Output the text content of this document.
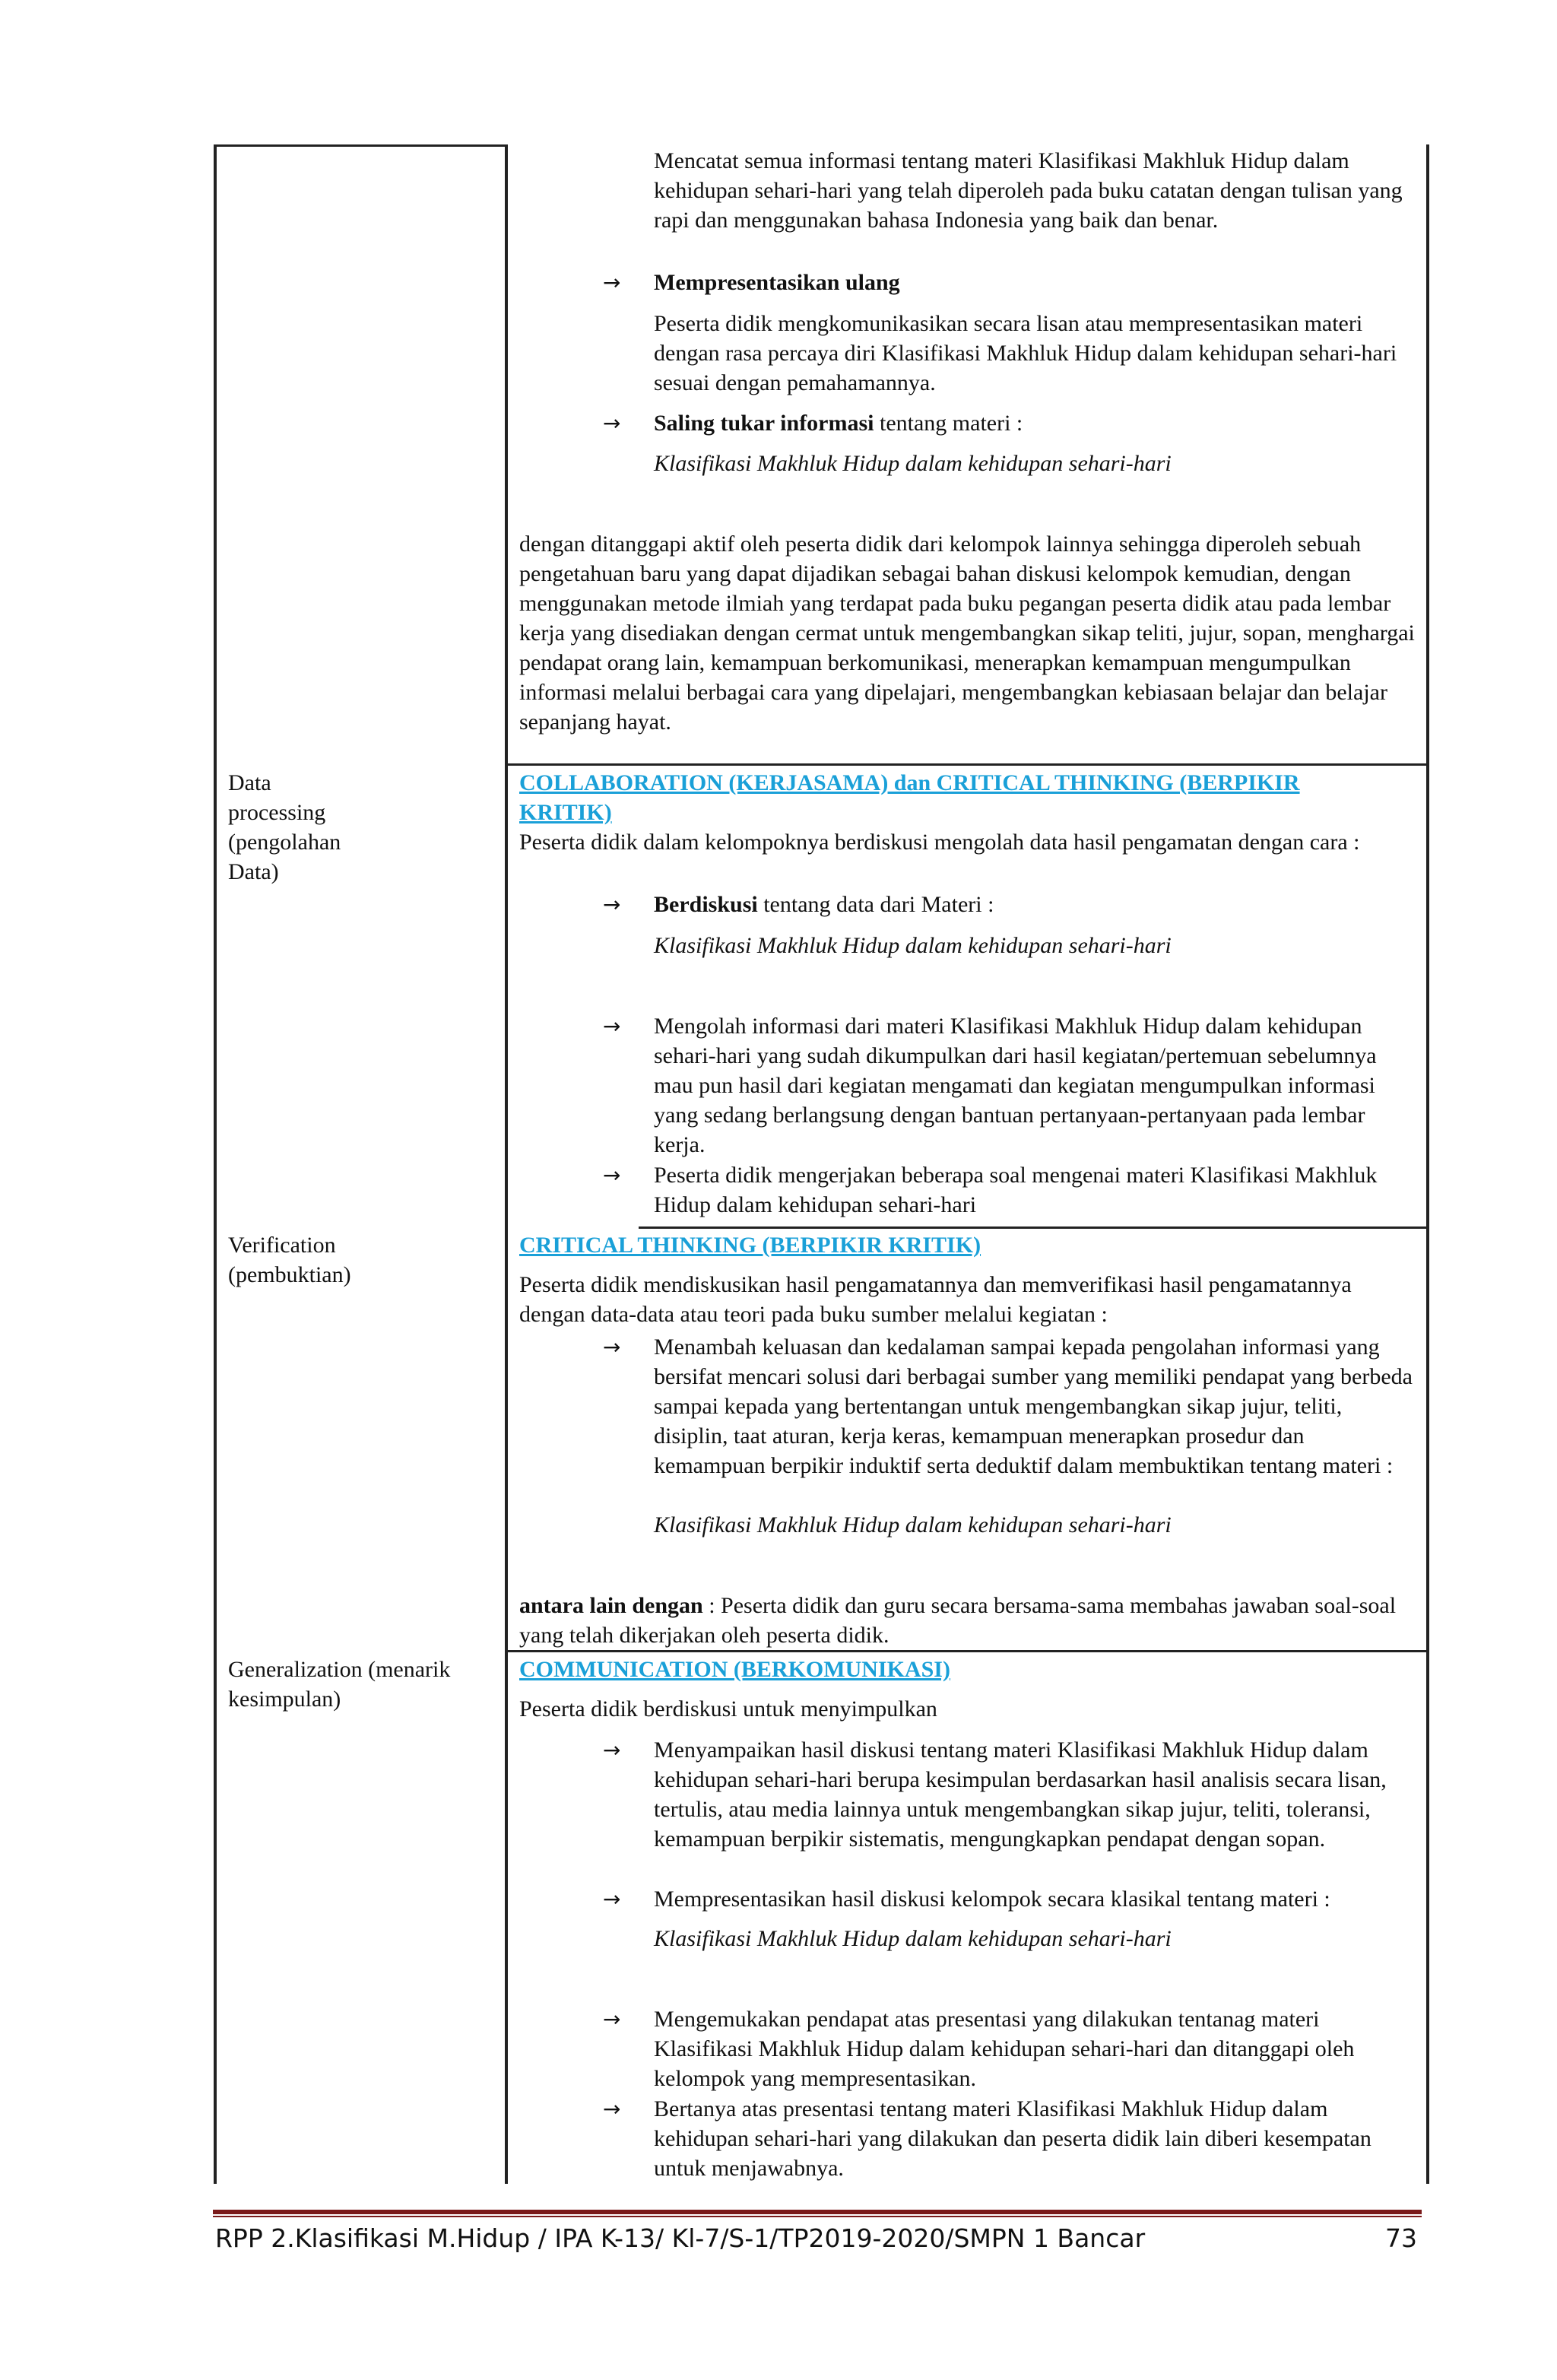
Mencatat semua informasi tentang materi Klasifikasi Makhluk Hidup dalam kehidupan sehari-hari yang telah diperoleh pada buku catatan dengan tulisan yang rapi dan menggunakan bahasa Indonesia yang baik dan benar.
→ Mempresentasikan ulang
Peserta didik mengkomunikasikan secara lisan atau mempresentasikan materi dengan rasa percaya diri Klasifikasi Makhluk Hidup dalam kehidupan sehari-hari sesuai dengan pemahamannya.
→ Saling tukar informasi tentang materi :
Klasifikasi Makhluk Hidup dalam kehidupan sehari-hari
dengan ditanggapi aktif oleh peserta didik dari kelompok lainnya sehingga diperoleh sebuah pengetahuan baru yang dapat dijadikan sebagai bahan diskusi kelompok kemudian, dengan menggunakan metode ilmiah yang terdapat pada buku pegangan peserta didik atau pada lembar kerja yang disediakan dengan cermat untuk mengembangkan sikap teliti, jujur, sopan, menghargai pendapat orang lain, kemampuan berkomunikasi, menerapkan kemampuan mengumpulkan informasi melalui berbagai cara yang dipelajari, mengembangkan kebiasaan belajar dan belajar sepanjang hayat.
Data
processing
(pengolahan
Data)
COLLABORATION (KERJASAMA) dan CRITICAL THINKING (BERPIKIR
KRITIK)
Peserta didik dalam kelompoknya berdiskusi mengolah data hasil pengamatan dengan cara :
→ Berdiskusi tentang data dari Materi :
Klasifikasi Makhluk Hidup dalam kehidupan sehari-hari
→ Mengolah informasi dari materi Klasifikasi Makhluk Hidup dalam kehidupan sehari-hari yang sudah dikumpulkan dari hasil kegiatan/pertemuan sebelumnya mau pun hasil dari kegiatan mengamati dan kegiatan mengumpulkan informasi yang sedang berlangsung dengan bantuan pertanyaan-pertanyaan pada lembar kerja.
→ Peserta didik mengerjakan beberapa soal mengenai materi Klasifikasi Makhluk Hidup dalam kehidupan sehari-hari
Verification
(pembuktian)
CRITICAL THINKING (BERPIKIR KRITIK)
Peserta didik mendiskusikan hasil pengamatannya dan memverifikasi hasil pengamatannya dengan data-data atau teori pada buku sumber melalui kegiatan :
→ Menambah keluasan dan kedalaman sampai kepada pengolahan informasi yang bersifat mencari solusi dari berbagai sumber yang memiliki pendapat yang berbeda sampai kepada yang bertentangan untuk mengembangkan sikap jujur, teliti, disiplin, taat aturan, kerja keras, kemampuan menerapkan prosedur dan kemampuan berpikir induktif serta deduktif dalam membuktikan tentang materi :
Klasifikasi Makhluk Hidup dalam kehidupan sehari-hari
antara lain dengan : Peserta didik dan guru secara bersama-sama membahas jawaban soal-soal yang telah dikerjakan oleh peserta didik.
Generalization (menarik
kesimpulan)
COMMUNICATION (BERKOMUNIKASI)
Peserta didik berdiskusi untuk menyimpulkan
→ Menyampaikan hasil diskusi tentang materi Klasifikasi Makhluk Hidup dalam kehidupan sehari-hari berupa kesimpulan berdasarkan hasil analisis secara lisan, tertulis, atau media lainnya untuk mengembangkan sikap jujur, teliti, toleransi, kemampuan berpikir sistematis, mengungkapkan pendapat dengan sopan.
→ Mempresentasikan hasil diskusi kelompok secara klasikal tentang materi :
Klasifikasi Makhluk Hidup dalam kehidupan sehari-hari
→ Mengemukakan pendapat atas presentasi yang dilakukan tentanag materi Klasifikasi Makhluk Hidup dalam kehidupan sehari-hari dan ditanggapi oleh kelompok yang mempresentasikan.
→ Bertanya atas presentasi tentang materi Klasifikasi Makhluk Hidup dalam kehidupan sehari-hari yang dilakukan dan peserta didik lain diberi kesempatan untuk menjawabnya.
RPP 2.Klasifikasi M.Hidup / IPA K-13/ Kl-7/S-1/TP2019-2020/SMPN 1 Bancar	73
